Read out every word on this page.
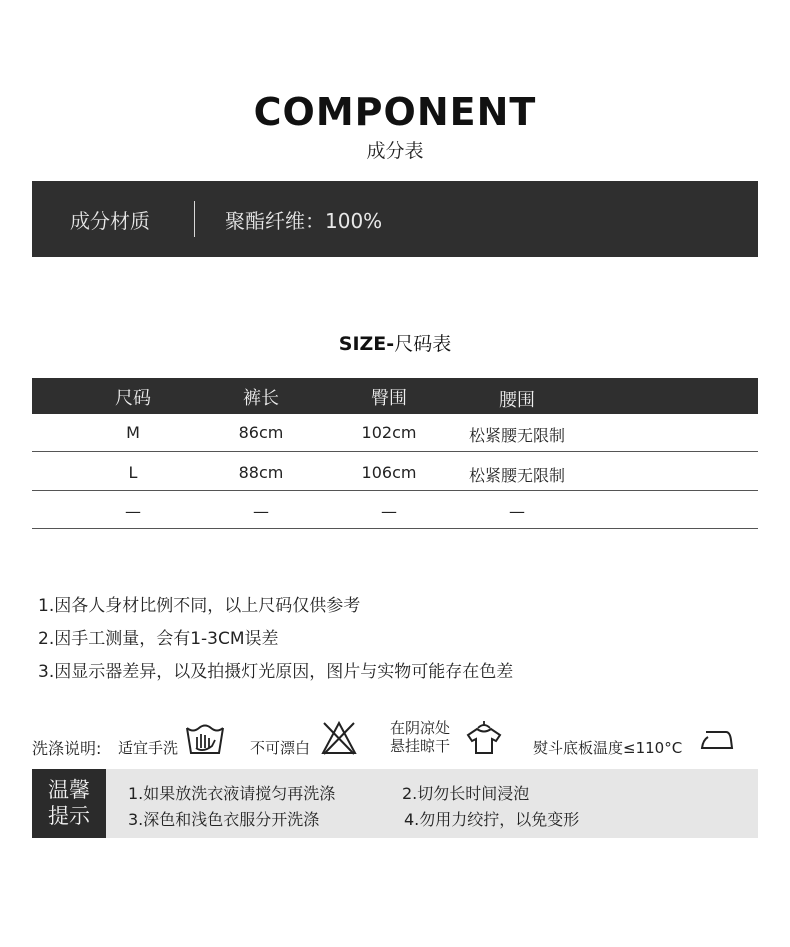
COMPONENT
成分表
成分材质	聚酯纤维：100%
SIZE-尺码表
尺码	裤长	臀围	腰围
M	86cm	102cm	松紧腰无限制
L	88cm	106cm	松紧腰无限制
—	—	—	—
1.因各人身材比例不同，以上尺码仅供参考
2.因手工测量，会有1-3CM误差
3.因显示器差异，以及拍摄灯光原因，图片与实物可能存在色差
洗涤说明: 适宜手洗	不可漂白
在阴凉处
悬挂晾干	熨斗底板温度≤110°C
温馨
提示
1.如果放洗衣液请搅匀再洗涤	2.切勿长时间浸泡
3.深色和浅色衣服分开洗涤	4.勿用力绞拧，以免变形
